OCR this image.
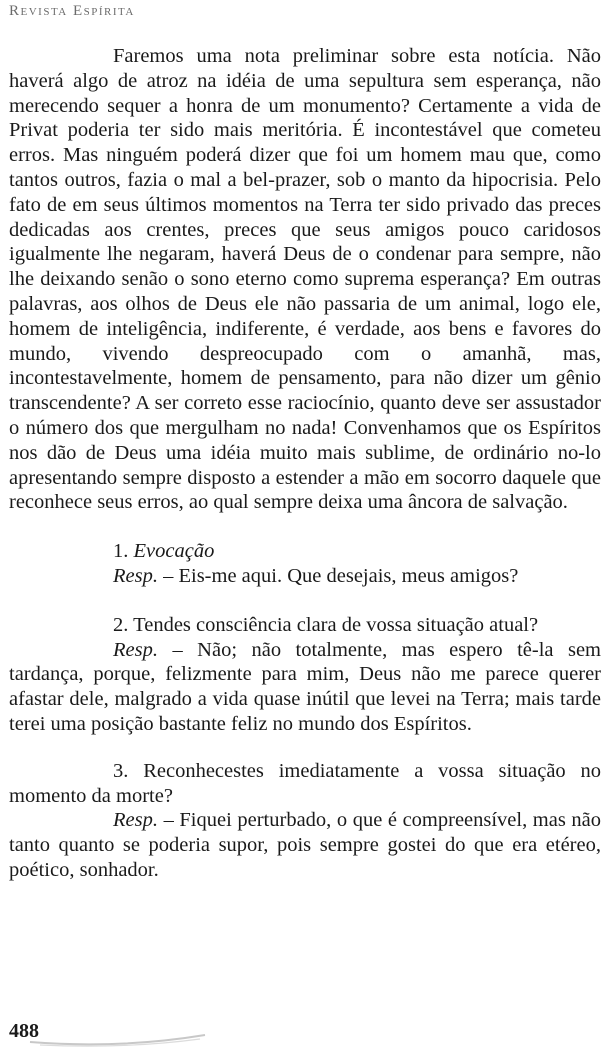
Revista Espírita

Faremos uma nota preliminar sobre esta notícia. Não haverá algo de atroz na idéia de uma sepultura sem esperança, não merecendo sequer a honra de um monumento? Certamente a vida de Privat poderia ter sido mais meritória. É incontestável que cometeu erros. Mas ninguém poderá dizer que foi um homem mau que, como tantos outros, fazia o mal a bel-prazer, sob o manto da hipocrisia. Pelo fato de em seus últimos momentos na Terra ter sido privado das preces dedicadas aos crentes, preces que seus amigos pouco caridosos igualmente lhe negaram, haverá Deus de o condenar para sempre, não lhe deixando senão o sono eterno como suprema esperança? Em outras palavras, aos olhos de Deus ele não passaria de um animal, logo ele, homem de inteligência, indiferente, é verdade, aos bens e favores do mundo, vivendo despreocupado com o amanhã, mas, incontestavelmente, homem de pensamento, para não dizer um gênio transcendente? A ser correto esse raciocínio, quanto deve ser assustador o número dos que mergulham no nada! Convenhamos que os Espíritos nos dão de Deus uma idéia muito mais sublime, de ordinário no-lo apresentando sempre disposto a estender a mão em socorro daquele que reconhece seus erros, ao qual sempre deixa uma âncora de salvação.

1. Evocação

Resp. – Eis-me aqui. Que desejais, meus amigos?

2. Tendes consciência clara de vossa situação atual?

Resp. – Não; não totalmente, mas espero tê-la sem tardança, porque, felizmente para mim, Deus não me parece querer afastar dele, malgrado a vida quase inútil que levei na Terra; mais tarde terei uma posição bastante feliz no mundo dos Espíritos.

3. Reconhecestes imediatamente a vossa situação no momento da morte?

Resp. – Fiquei perturbado, o que é compreensível, mas não tanto quanto se poderia supor, pois sempre gostei do que era etéreo, poético, sonhador.

488
